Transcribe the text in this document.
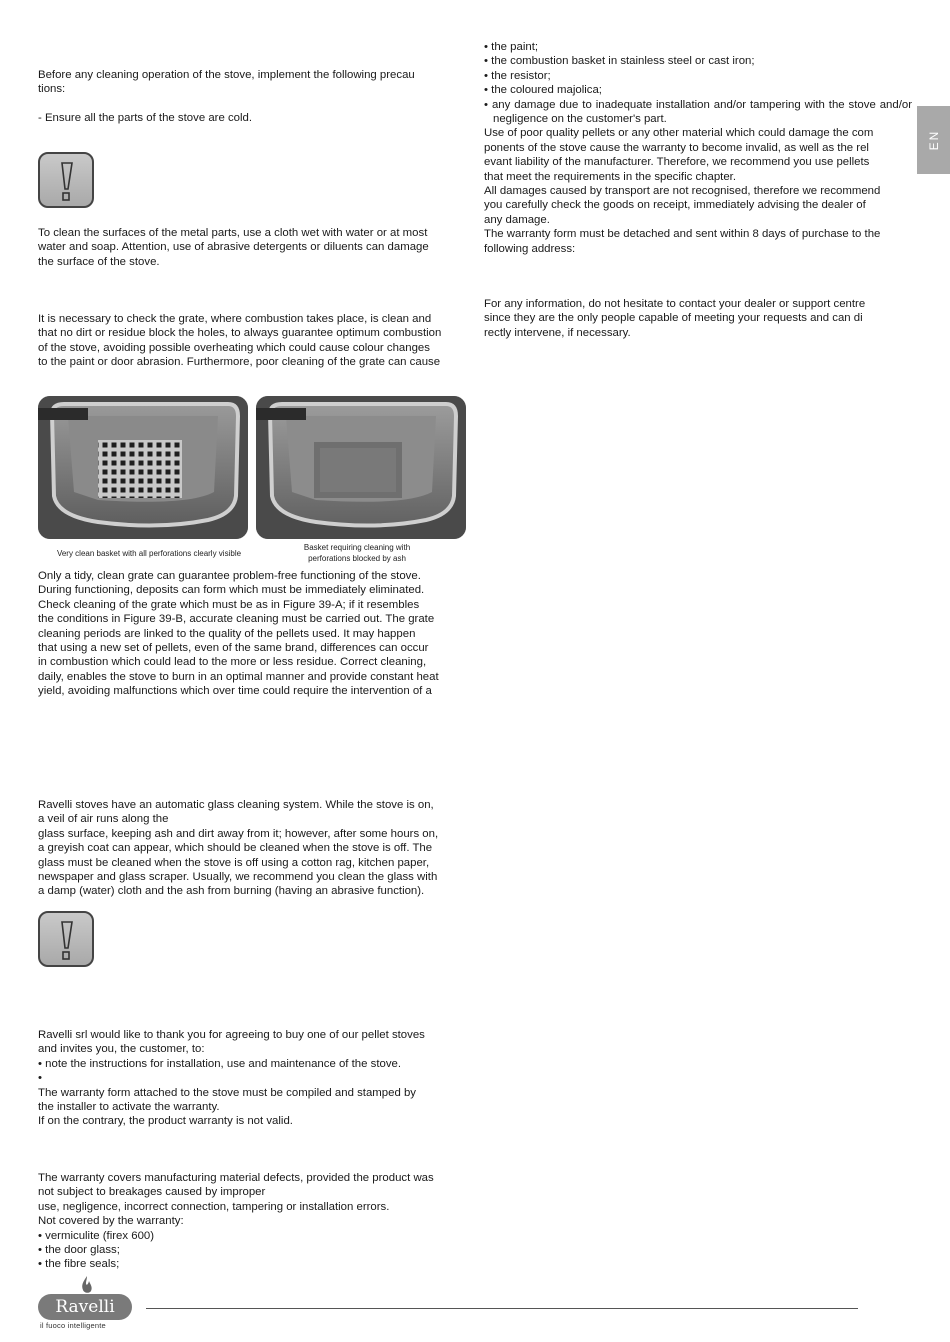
EN
Before any cleaning operation of the stove, implement the following precau
tions:
- Ensure all the parts of the stove are cold.
To clean the surfaces of the metal parts, use a cloth wet with water or at most
water and soap. Attention, use of abrasive detergents or diluents can damage
the surface of the stove.
It is necessary to check the grate, where combustion takes place, is clean and
that no dirt or residue block the holes, to always guarantee optimum combustion
of the stove, avoiding possible overheating which could cause colour changes
to the paint or door abrasion. Furthermore, poor cleaning of the grate can cause
Very clean basket with all perforations clearly visible
Basket requiring cleaning with
perforations blocked by ash
Only a tidy, clean grate can guarantee problem-free functioning of the stove.
During functioning, deposits can form which must be immediately eliminated.
Check cleaning of the grate which must be as in Figure 39-A; if it resembles
the conditions in Figure 39-B, accurate cleaning must be carried out. The grate
cleaning periods are linked to the quality of the pellets used. It may happen
that using a new set of pellets, even of the same brand, differences can occur
in combustion which could lead to the more or less residue. Correct cleaning,
daily, enables the stove to burn in an optimal manner and provide constant heat
yield, avoiding malfunctions which over time could require the intervention of a
Ravelli stoves have an automatic glass cleaning system. While the stove is on,
a veil of air runs along the
glass surface, keeping ash and dirt away from it; however, after some hours on,
a greyish coat can appear, which should be cleaned when the stove is off. The
glass must be cleaned when the stove is off using a cotton rag, kitchen paper,
newspaper and glass scraper. Usually, we recommend you clean the glass with
a damp (water) cloth and the ash from burning (having an abrasive function).
Ravelli srl would like to thank you for agreeing to buy one of our pellet stoves
and invites you, the customer, to:
• note the instructions for installation, use and maintenance of the stove.
•
The warranty form attached to the stove must be compiled and stamped by
the installer to activate the warranty.
If on the contrary, the product warranty is not valid.
The warranty covers manufacturing material defects, provided the product was
not subject to breakages caused by improper
use, negligence, incorrect connection, tampering or installation errors.
Not covered by the warranty:
• vermiculite (firex 600)
• the door glass;
• the fibre seals;
• the paint;
• the combustion basket in stainless steel or cast iron;
• the resistor;
• the coloured majolica;
• any damage due to inadequate installation and/or tampering with the stove and/or negligence on the customer's part.
Use of poor quality pellets or any other material which could damage the com
ponents of the stove cause the warranty to become invalid, as well as the rel
evant liability of the manufacturer. Therefore, we recommend you use pellets
that meet the requirements in the specific chapter.
All damages caused by transport are not recognised, therefore we recommend
you carefully check the goods on receipt, immediately advising the dealer of
any damage.
The warranty form must be detached and sent within 8 days of purchase to the
following address:
For any information, do not hesitate to contact your dealer or support centre
since they are the only people capable of meeting your requests and can di
rectly intervene, if necessary.
Ravelli
il fuoco intelligente
